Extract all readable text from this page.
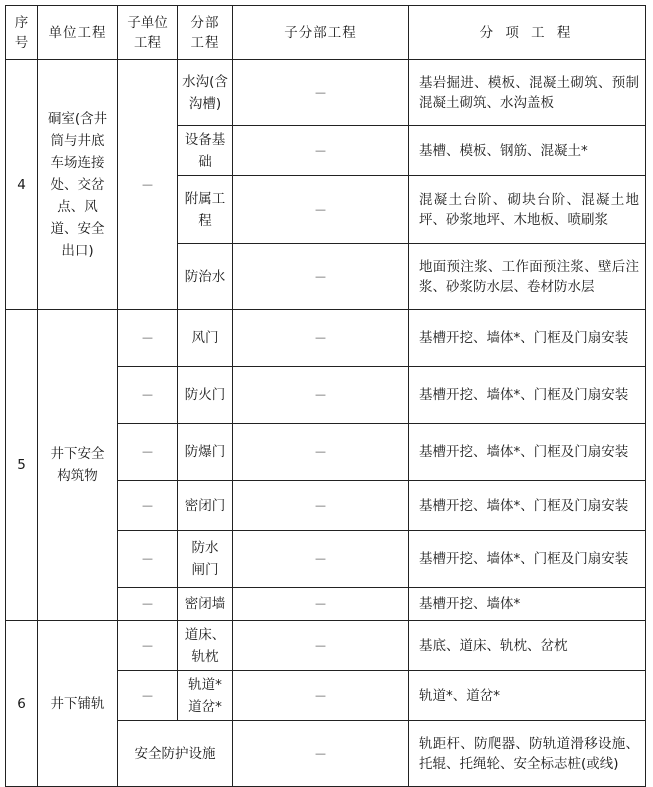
序号	单位工程	子单位工程	分部工程	子分部工程	分 项 工 程
4	硐室(含井筒与井底车场连接处、交岔点、风道、安全出口)	—	水沟(含沟槽)	—	基岩掘进、模板、混凝土砌筑、预制混凝土砌筑、水沟盖板
			设备基础	—	基槽、模板、钢筋、混凝土*
			附属工程	—	混凝土台阶、砌块台阶、混凝土地坪、砂浆地坪、木地板、喷刷浆
			防治水	—	地面预注浆、工作面预注浆、壁后注浆、砂浆防水层、卷材防水层
5	井下安全构筑物	—	风门	—	基槽开挖、墙体*、门框及门扇安装
		—	防火门	—	基槽开挖、墙体*、门框及门扇安装
		—	防爆门	—	基槽开挖、墙体*、门框及门扇安装
		—	密闭门	—	基槽开挖、墙体*、门框及门扇安装
		—	防水闸门	—	基槽开挖、墙体*、门框及门扇安装
		—	密闭墙	—	基槽开挖、墙体*
6	井下铺轨	—	道床、轨枕	—	基底、道床、轨枕、岔枕
		—	轨道*道岔*	—	轨道*、道岔*
		安全防护设施		—	轨距杆、防爬器、防轨道滑移设施、托辊、托绳轮、安全标志桩(或线)
